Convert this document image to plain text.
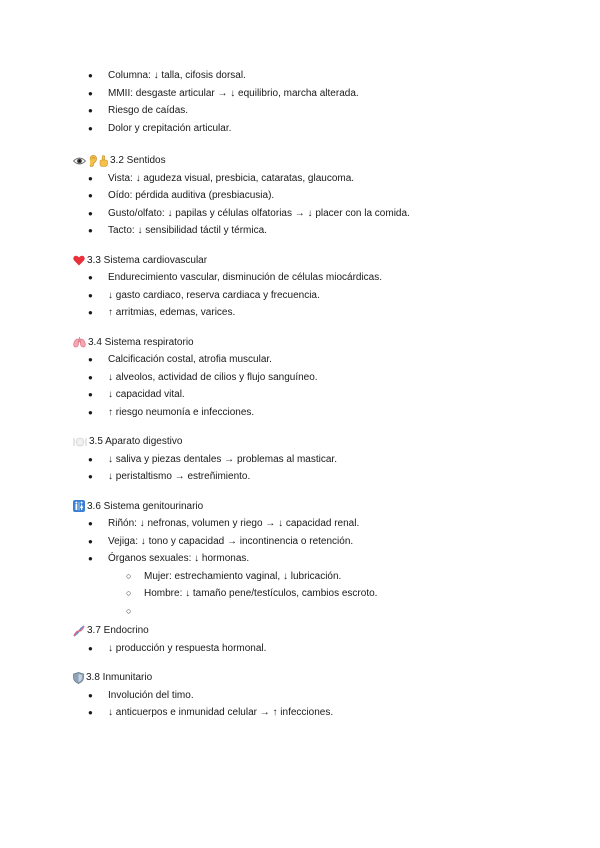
● Columna: ↓ talla, cifosis dorsal.
● MMII: desgaste articular → ↓ equilibrio, marcha alterada.
● Riesgo de caídas.
● Dolor y crepitación articular.
3.2 Sentidos
● Vista: ↓ agudeza visual, presbicia, cataratas, glaucoma.
● Oído: pérdida auditiva (presbiacusia).
● Gusto/olfato: ↓ papilas y células olfatorias → ↓ placer con la comida.
● Tacto: ↓ sensibilidad táctil y térmica.
3.3 Sistema cardiovascular
● Endurecimiento vascular, disminución de células miocárdicas.
● ↓ gasto cardiaco, reserva cardiaca y frecuencia.
● ↑ arritmias, edemas, varices.
3.4 Sistema respiratorio
● Calcificación costal, atrofia muscular.
● ↓ alveolos, actividad de cilios y flujo sanguíneo.
● ↓ capacidad vital.
● ↑ riesgo neumonía e infecciones.
3.5 Aparato digestivo
● ↓ saliva y piezas dentales → problemas al masticar.
● ↓ peristaltismo → estreñimiento.
3.6 Sistema genitourinario
● Riñón: ↓ nefronas, volumen y riego → ↓ capacidad renal.
● Vejiga: ↓ tono y capacidad → incontinencia o retención.
● Órganos sexuales: ↓ hormonas.
○ Mujer: estrechamiento vaginal, ↓ lubricación.
○ Hombre: ↓ tamaño pene/testículos, cambios escroto.
○
3.7 Endocrino
● ↓ producción y respuesta hormonal.
3.8 Inmunitario
● Involución del timo.
● ↓ anticuerpos e inmunidad celular → ↑ infecciones.
